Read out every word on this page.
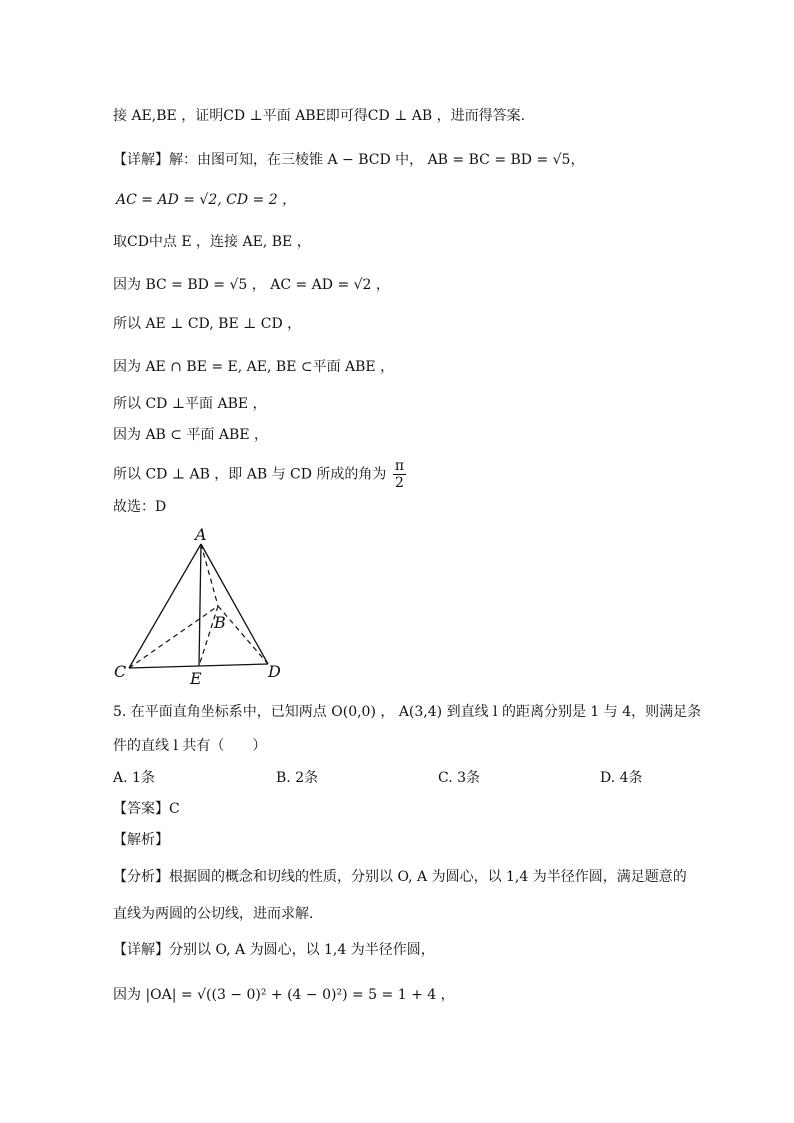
接 AE,BE ，证明CD ⊥平面 ABE即可得CD ⊥ AB ，进而得答案.
【详解】解：由图可知，在三棱锥 A − BCD 中， AB = BC = BD = √5，
AC = AD = √2, CD = 2 ，
取CD中点 E ，连接 AE, BE ，
因为 BC = BD = √5 ， AC = AD = √2 ，
所以 AE ⊥ CD, BE ⊥ CD ，
因为 AE ∩ BE = E, AE, BE ⊂平面 ABE ，
所以 CD ⊥平面 ABE ，
因为 AB ⊂ 平面 ABE ，
所以 CD ⊥ AB ，即 AB 与 CD 所成的角为 $\frac{\pi}{2}$
故选：D
A
B
C	D
E
5. 在平面直角坐标系中，已知两点 O(0,0) ， A(3,4) 到直线 l 的距离分别是 1 与 4，则满足条
件的直线 l 共有（　　）
A. 1条	B. 2条	C. 3条	D. 4条
【答案】C
【解析】
【分析】根据圆的概念和切线的性质，分别以 O, A 为圆心，以 1,4 为半径作圆，满足题意的
直线为两圆的公切线，进而求解.
【详解】分别以 O, A 为圆心，以 1,4 为半径作圆，
因为 |OA| = √((3 − 0)² + (4 − 0)²) = 5 = 1 + 4 ，
